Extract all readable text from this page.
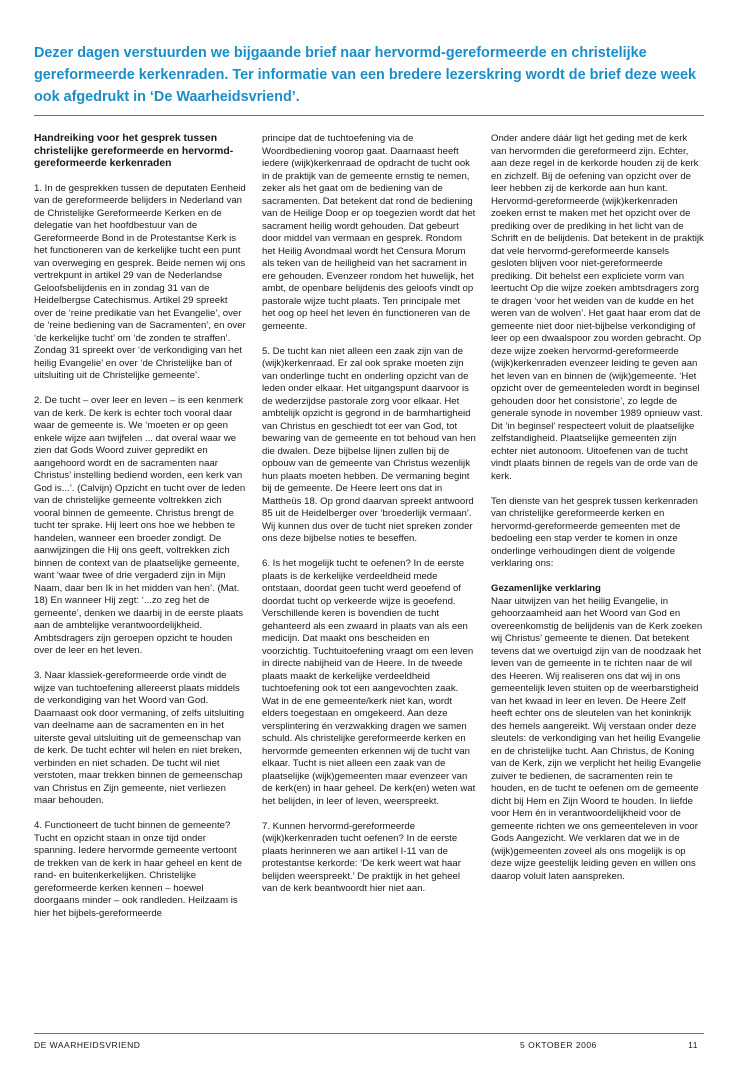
Dezer dagen verstuurden we bijgaande brief naar hervormd-gereformeerde en christelijke gereformeerde kerkenraden. Ter informatie van een bredere lezerskring wordt de brief deze week ook afgedrukt in ‘De Waarheidsvriend’.
Handreiking voor het gesprek tussen christelijke gereformeerde en hervormd-gereformeerde kerkenraden

1. In de gesprekken tussen de deputaten Eenheid van de gereformeerde belijders in Nederland van de Christelijke Gereformeerde Kerken en de delegatie van het hoofdbestuur van de Gereformeerde Bond in de Protestantse Kerk is het functioneren van de kerkelijke tucht een punt van overweging en gesprek. Beide nemen wij ons vertrekpunt in artikel 29 van de Nederlandse Geloofsbelijdenis en in zondag 31 van de Heidelbergse Catechismus. Artikel 29 spreekt over de ‘reine predikatie van het Evangelie’, over de ‘reine bediening van de Sacramenten’, en over ‘de kerkelijke tucht’ om ‘de zonden te straffen’. Zondag 31 spreekt over ‘de verkondiging van het heilig Evangelie’ en over ‘de Christelijke ban of uitsluiting uit de Christelijke gemeente’.

2. De tucht – over leer en leven – is een kenmerk van de kerk. De kerk is echter toch vooral daar waar de gemeente is. We ‘moeten er op geen enkele wijze aan twijfelen ... dat overal waar we zien dat Gods Woord zuiver gepredikt en aangehoord wordt en de sacramenten naar Christus’ instelling bediend worden, een kerk van God is...’. (Calvijn) Opzicht en tucht over de leden van de christelijke gemeente voltrekken zich vooral binnen de gemeente. Christus brengt de tucht ter sprake. Hij leert ons hoe we hebben te handelen, wanneer een broeder zondigt. De aanwijzingen die Hij ons geeft, voltrekken zich binnen de context van de plaatselijke gemeente, want ‘waar twee of drie vergaderd zijn in Mijn Naam, daar ben Ik in het midden van hen’. (Mat. 18) En wanneer Hij zegt: ‘...zo zeg het de gemeente’, denken we daarbij in de eerste plaats aan de ambtelijke verantwoordelijkheid. Ambtsdragers zijn geroepen opzicht te houden over de leer en het leven.

3. Naar klassiek-gereformeerde orde vindt de wijze van tuchtoefening allereerst plaats middels de verkondiging van het Woord van God. Daarnaast ook door vermaning, of zelfs uitsluiting van deelname aan de sacramenten en in het uiterste geval uitsluiting uit de gemeenschap van de kerk. De tucht echter wil helen en niet breken, verbinden en niet schaden. De tucht wil niet verstoten, maar trekken binnen de gemeenschap van Christus en Zijn gemeente, niet verliezen maar behouden.

4. Functioneert de tucht binnen de gemeente? Tucht en opzicht staan in onze tijd onder spanning. Iedere hervormde gemeente vertoont de trekken van de kerk in haar geheel en kent de rand- en buitenkerkelijken. Christelijke gereformeerde kerken kennen – hoewel doorgaans minder – ook randleden. Heilzaam is hier het bijbels-gereformeerde

principe dat de tuchtoefening via de Woordbediening voorop gaat. Daarnaast heeft iedere (wijk)kerkenraad de opdracht de tucht ook in de praktijk van de gemeente ernstig te nemen, zeker als het gaat om de bediening van de sacramenten. Dat betekent dat rond de bediening van de Heilige Doop er op toegezien wordt dat het sacrament heilig wordt gehouden. Dat gebeurt door middel van vermaan en gesprek. Rondom het Heilig Avondmaal wordt het Censura Morum als teken van de heiligheid van het sacrament in ere gehouden. Evenzeer rondom het huwelijk, het ambt, de openbare belijdenis des geloofs vindt op pastorale wijze tucht plaats. Ten principale met het oog op heel het leven én functioneren van de gemeente.

5. De tucht kan niet alleen een zaak zijn van de (wijk)kerkenraad. Er zal ook sprake moeten zijn van onderlinge tucht en onderling opzicht van de leden onder elkaar. Het uitgangspunt daarvoor is de wederzijdse pastorale zorg voor elkaar. Het ambtelijk opzicht is gegrond in de barmhartigheid van Christus en geschiedt tot eer van God, tot bewaring van de gemeente en tot behoud van hen die dwalen. Deze bijbelse lijnen zullen bij de opbouw van de gemeente van Christus wezenlijk hun plaats moeten hebben. De vermaning begint bij de gemeente. De Heere leert ons dat in Mattheüs 18. Op grond daarvan spreekt antwoord 85 uit de Heidelberger over ‘broederlijk vermaan’. Wij kunnen dus over de tucht niet spreken zonder ons deze bijbelse noties te beseffen.

6. Is het mogelijk tucht te oefenen? In de eerste plaats is de kerkelijke verdeeldheid mede ontstaan, doordat geen tucht werd geoefend of doordat tucht op verkeerde wijze is geoefend. Verschillende keren is bovendien de tucht gehanteerd als een zwaard in plaats van als een medicijn. Dat maakt ons bescheiden en voorzichtig. Tuchtuitoefening vraagt om een leven in directe nabijheid van de Heere. In de tweede plaats maakt de kerkelijke verdeeldheid tuchtoefening ook tot een aangevochten zaak. Wat in de ene gemeente/kerk niet kan, wordt elders toegestaan en omgekeerd. Aan deze versplintering én verzwakking dragen we samen schuld. Als christelijke gereformeerde kerken en hervormde gemeenten erkennen wij de tucht van elkaar. Tucht is niet alleen een zaak van de plaatselijke (wijk)gemeenten maar evenzeer van de kerk(en) in haar geheel. De kerk(en) weten wat het belijden, in leer of leven, weerspreekt.

7. Kunnen hervormd-gereformeerde (wijk)kerkenraden tucht oefenen? In de eerste plaats herinneren we aan artikel I-11 van de protestantse kerkorde: ‘De kerk weert wat haar belijden weerspreekt.’ De praktijk in het geheel van de kerk beantwoordt hier niet aan.

Onder andere dáár ligt het geding met de kerk van hervormden die gereformeerd zijn. Echter, aan deze regel in de kerkorde houden zij de kerk en zichzelf. Bij de oefening van opzicht over de leer hebben zij de kerkorde aan hun kant. Hervormd-gereformeerde (wijk)kerkenraden zoeken ernst te maken met het opzicht over de prediking over de prediking in het licht van de Schrift en de belijdenis. Dat betekent in de praktijk dat vele hervormd-gereformeerde kansels gesloten blijven voor niet-gereformeerde prediking. Dit behelst een expliciete vorm van leertucht Op die wijze zoeken ambtsdragers zorg te dragen ‘voor het weiden van de kudde en het weren van de wolven’. Het gaat haar erom dat de gemeente niet door niet-bijbelse verkondiging of leer op een dwaalspoor zou worden gebracht. Op deze wijze zoeken hervormd-gereformeerde (wijk)kerkenraden evenzeer leiding te geven aan het leven van en binnen de (wijk)gemeente. ‘Het opzicht over de gemeenteleden wordt in beginsel gehouden door het consistorie’, zo legde de generale synode in november 1989 opnieuw vast. Dit ‘in beginsel’ respecteert voluit de plaatselijke zelfstandigheid. Plaatselijke gemeenten zijn echter niet autonoom. Uitoefenen van de tucht vindt plaats binnen de regels van de orde van de kerk.

Ten dienste van het gesprek tussen kerkenraden van christelijke gereformeerde kerken en hervormd-gereformeerde gemeenten met de bedoeling een stap verder te komen in onze onderlinge verhoudingen dient de volgende verklaring ons:

Gezamenlijke verklaring

Naar uitwijzen van het heilig Evangelie, in gehoorzaamheid aan het Woord van God en overeenkomstig de belijdenis van de Kerk zoeken wij Christus’ gemeente te dienen. Dat betekent tevens dat we overtuigd zijn van de noodzaak het leven van de gemeente in te richten naar de wil des Heeren. Wij realiseren ons dat wij in ons gemeentelijk leven stuiten op de weerbarstigheid van het kwaad in leer en leven. De Heere Zelf heeft echter ons de sleutelen van het koninkrijk des hemels aangereikt. Wij verstaan onder deze sleutels: de verkondiging van het heilig Evangelie en de christelijke tucht. Aan Christus, de Koning van de Kerk, zijn we verplicht het heilig Evangelie zuiver te bedienen, de sacramenten rein te houden, en de tucht te oefenen om de gemeente dicht bij Hem en Zijn Woord te houden. In liefde voor Hem én in verantwoordelijkheid voor de gemeente richten we ons gemeenteleven in voor Gods Aangezicht. We verklaren dat we in de (wijk)gemeenten zoveel als ons mogelijk is op deze wijze geestelijk leiding geven en willen ons daarop voluit laten aanspreken.

DE WAARHEIDSVRIEND	5 OKTOBER 2006	11
